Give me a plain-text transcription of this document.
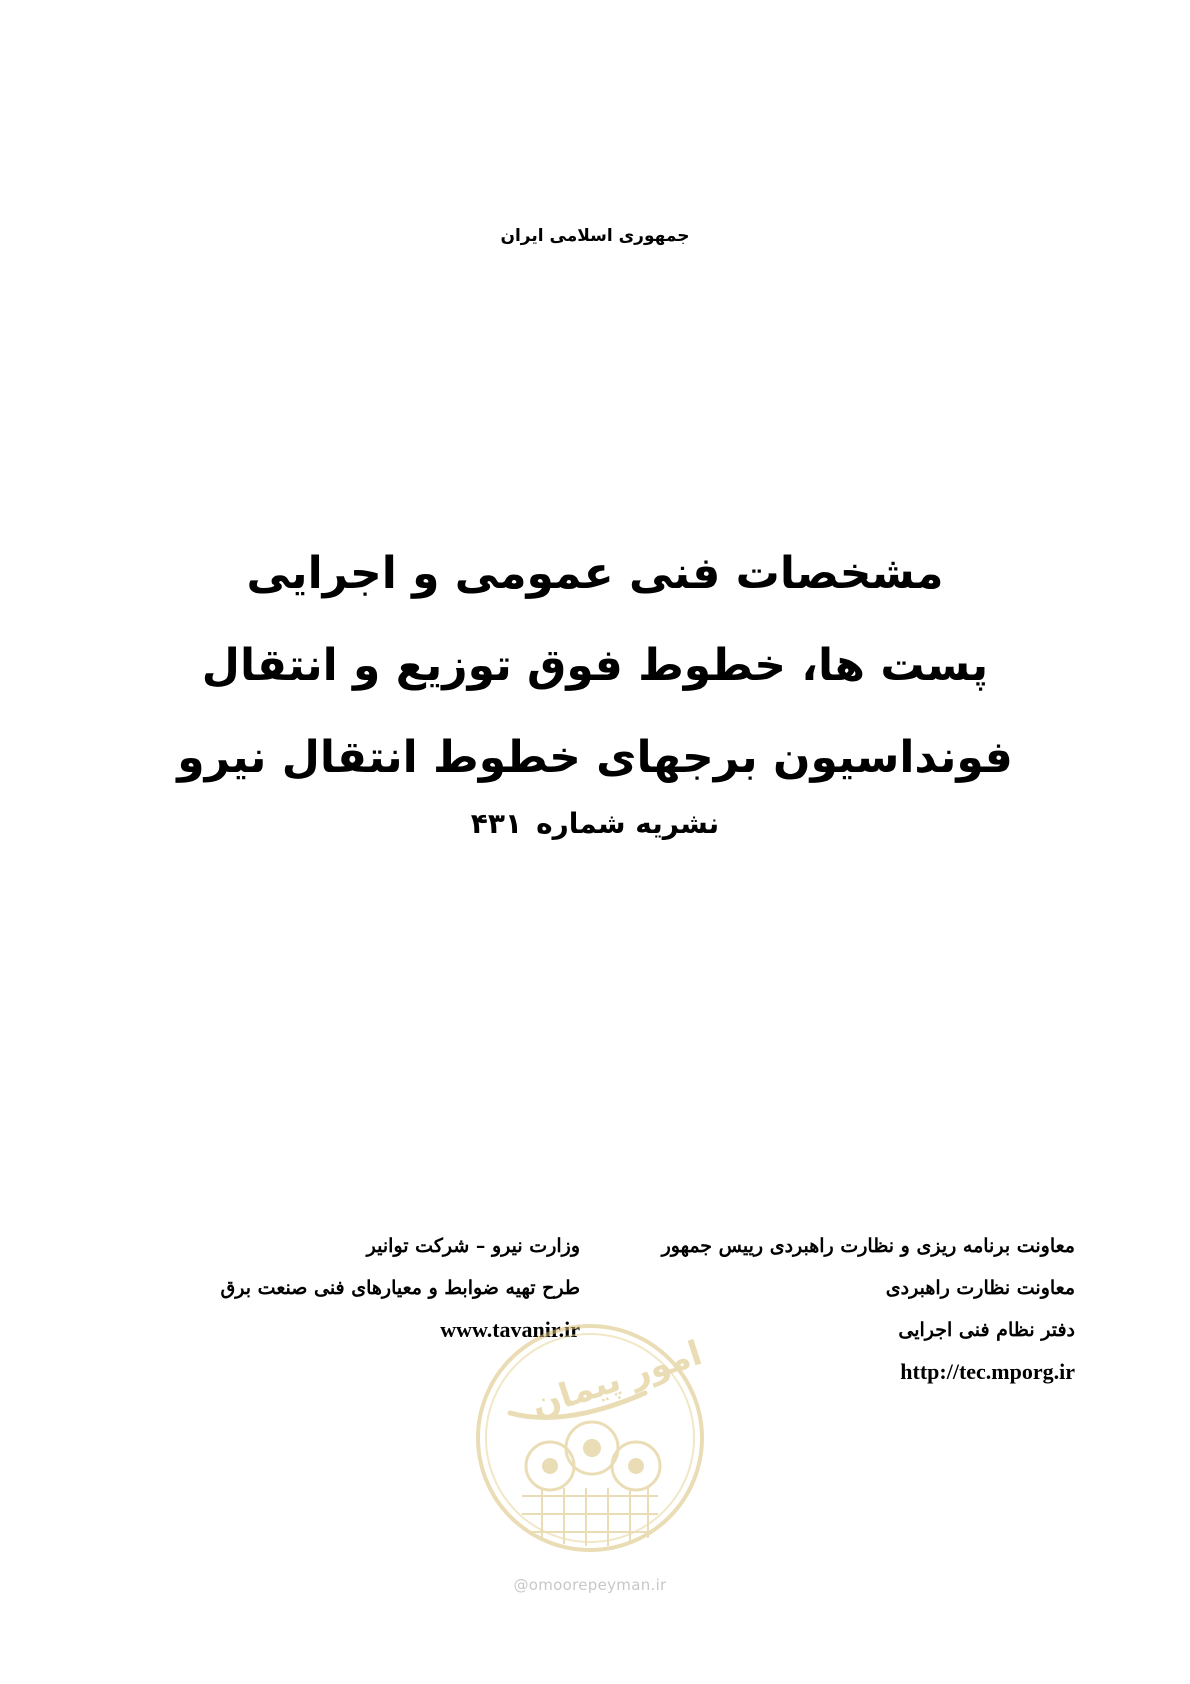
جمهوری اسلامی ایران
مشخصات فنی عمومی و اجرایی
پست ها، خطوط فوق توزیع و انتقال
فونداسیون برجهای خطوط انتقال نیرو
نشریه شماره۴۳۱
معاونت برنامه ریزی و نظارت راهبردی رییس جمهور
معاونت نظارت راهبردی
دفتر نظام فنی اجرایی
http://tec.mporg.ir
وزارت نیرو – شرکت توانیر
طرح تهیه ضوابط و معیارهای فنی صنعت برق
www.tavanir.ir
امور پیمان
@omoorepeyman.ir
